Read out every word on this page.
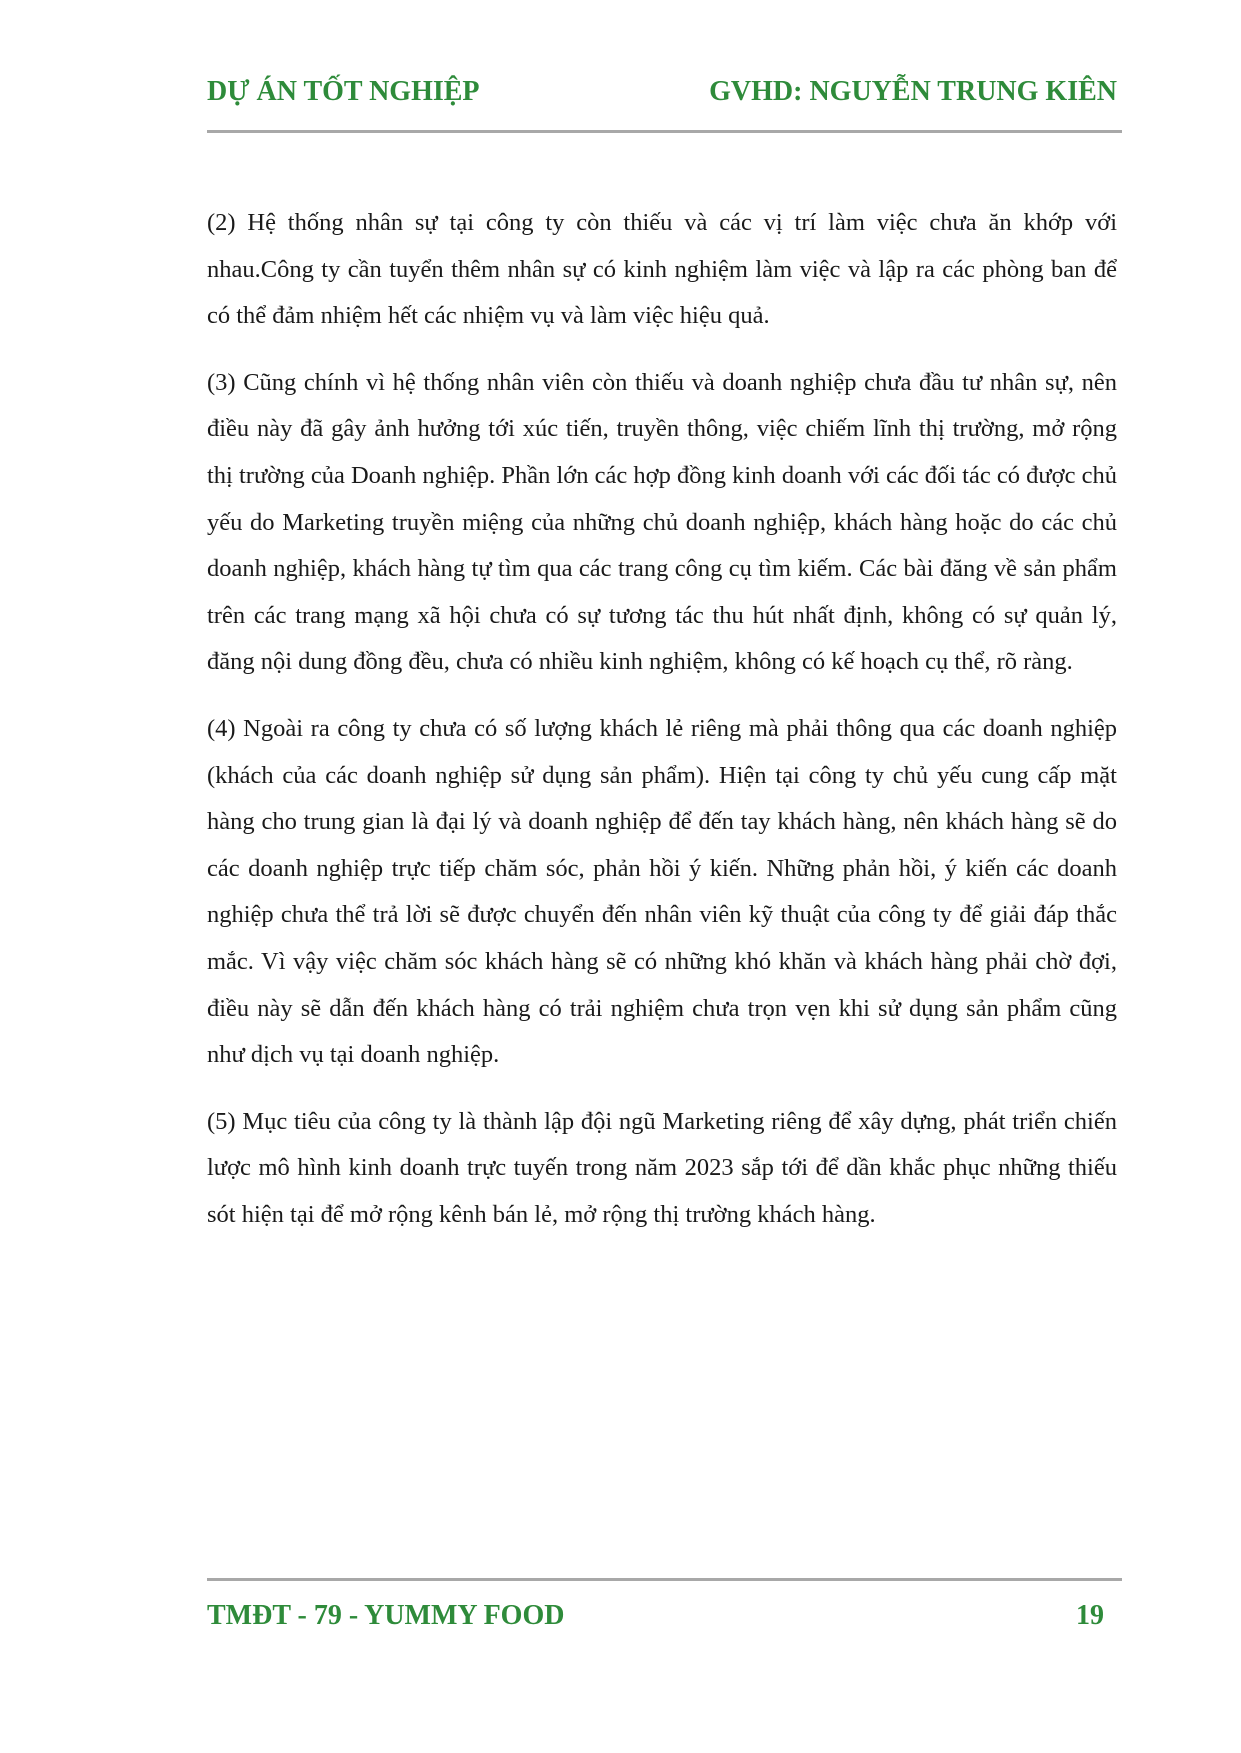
DỰ ÁN TỐT NGHIỆP	GVHD: NGUYỄN TRUNG KIÊN

(2) Hệ thống nhân sự tại công ty còn thiếu và các vị trí làm việc chưa ăn khớp với nhau.Công ty cần tuyển thêm nhân sự có kinh nghiệm làm việc và lập ra các phòng ban để có thể đảm nhiệm hết các nhiệm vụ và làm việc hiệu quả.

(3) Cũng chính vì hệ thống nhân viên còn thiếu và doanh nghiệp chưa đầu tư nhân sự, nên điều này đã gây ảnh hưởng tới xúc tiến, truyền thông, việc chiếm lĩnh thị trường, mở rộng thị trường của Doanh nghiệp. Phần lớn các hợp đồng kinh doanh với các đối tác có được chủ yếu do Marketing truyền miệng của những chủ doanh nghiệp, khách hàng hoặc do các chủ doanh nghiệp, khách hàng tự tìm qua các trang công cụ tìm kiếm. Các bài đăng về sản phẩm trên các trang mạng xã hội chưa có sự tương tác thu hút nhất định, không có sự quản lý, đăng nội dung đồng đều, chưa có nhiều kinh nghiệm, không có kế hoạch cụ thể, rõ ràng.

(4) Ngoài ra công ty chưa có số lượng khách lẻ riêng mà phải thông qua các doanh nghiệp (khách của các doanh nghiệp sử dụng sản phẩm). Hiện tại công ty chủ yếu cung cấp mặt hàng cho trung gian là đại lý và doanh nghiệp để đến tay khách hàng, nên khách hàng sẽ do các doanh nghiệp trực tiếp chăm sóc, phản hồi ý kiến. Những phản hồi, ý kiến các doanh nghiệp chưa thể trả lời sẽ được chuyển đến nhân viên kỹ thuật của công ty để giải đáp thắc mắc. Vì vậy việc chăm sóc khách hàng sẽ có những khó khăn và khách hàng phải chờ đợi, điều này sẽ dẫn đến khách hàng có trải nghiệm chưa trọn vẹn khi sử dụng sản phẩm cũng như dịch vụ tại doanh nghiệp.

(5) Mục tiêu của công ty là thành lập đội ngũ Marketing riêng để xây dựng, phát triển chiến lược mô hình kinh doanh trực tuyến trong năm 2023 sắp tới để dần khắc phục những thiếu sót hiện tại để mở rộng kênh bán lẻ, mở rộng thị trường khách hàng.

TMĐT - 79 - YUMMY FOOD	19
